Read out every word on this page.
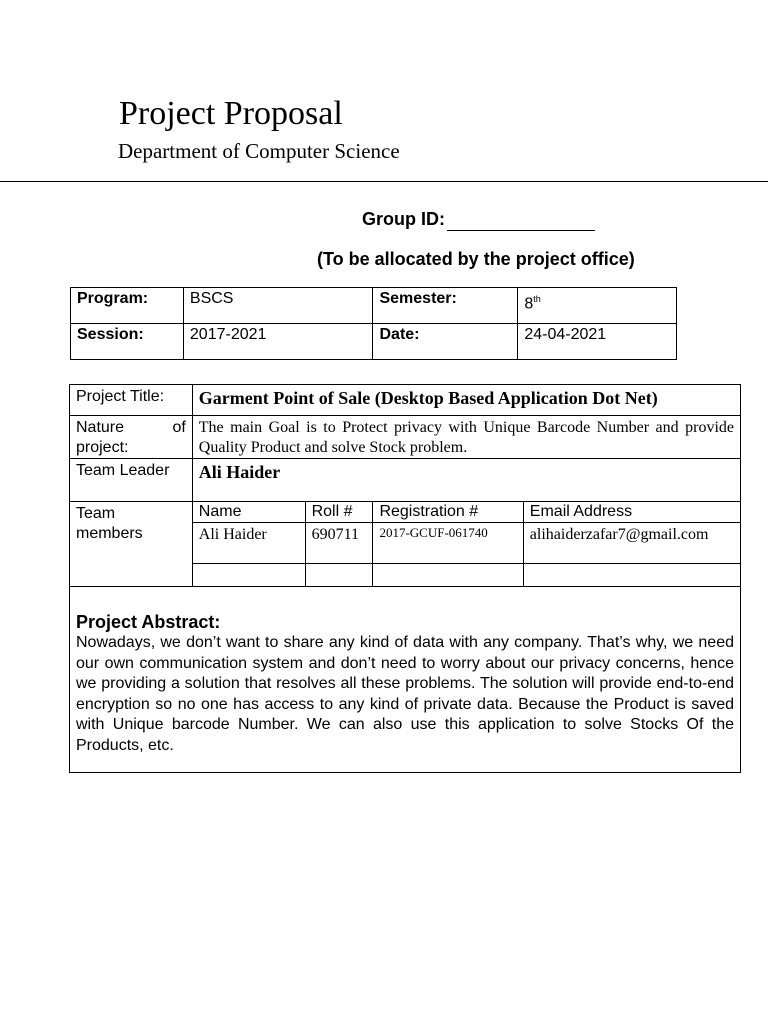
Project Proposal
Department of Computer Science
Group ID:
(To be allocated by the project office)
Program:	BSCS	Semester:	8th
Session:	2017-2021	Date:	24-04-2021
Project Title:	Garment Point of Sale (Desktop Based Application Dot Net)

Nature of project:
	The main Goal is to Protect privacy with Unique Barcode Number and provide Quality Product and solve Stock problem.
Team Leader	Ali Haider

Team members

Name	Roll #	Registration #	Email Address
Ali Haider	690711	2017-GCUF-061740	alihaiderzafar7@gmail.com

Project Abstract:

Nowadays, we don’t want to share any kind of data with any company. That’s why, we need our own communication system and don’t need to worry about our privacy concerns, hence we providing a solution that resolves all these problems. The solution will provide end-to-end encryption so no one has access to any kind of private data. Because the Product is saved with Unique barcode Number. We can also use this application to solve Stocks Of the Products, etc.
